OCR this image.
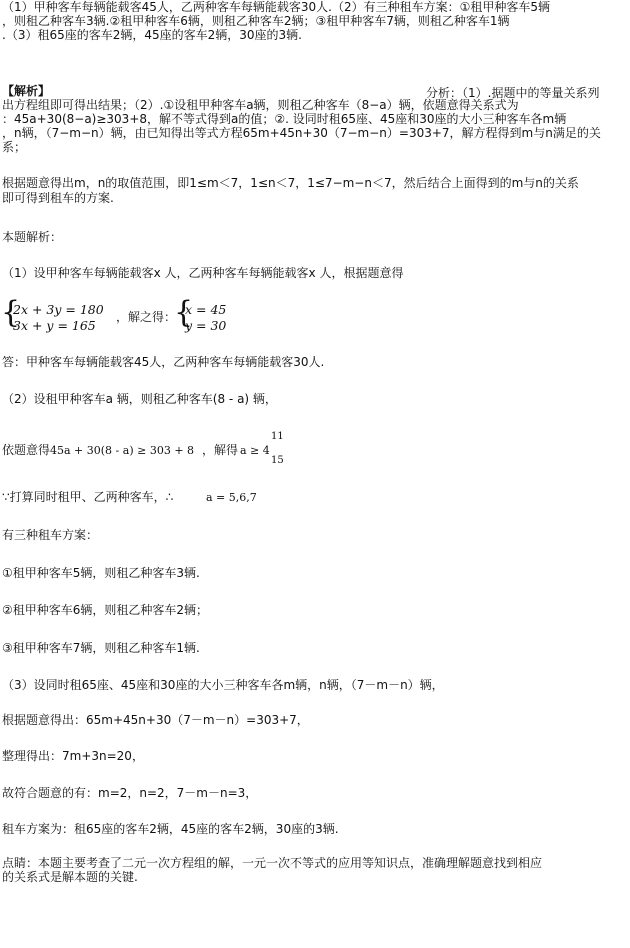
（1）甲种客车每辆能载客45人，乙两种客车每辆能载客30人.（2）有三种租车方案：①租甲种客车5辆
，则租乙种客车3辆.②租甲种客车6辆，则租乙种客车2辆；③租甲种客车7辆，则租乙种客车1辆
.（3）租65座的客车2辆，45座的客车2辆，30座的3辆.
【解析】	分析：（1）.据题中的等量关系列
出方程组即可得出结果；（2）.①设租甲种客车a辆，则租乙种客车（8−a）辆，依题意得关系式为
：45a+30(8−a)≥303+8，解不等式得到a的值；②. 设同时租65座、45座和30座的大小三种客车各m辆
，n辆，（7−m−n）辆，由已知得出等式方程65m+45n+30（7−m−n）=303+7，解方程得到m与n满足的关
系；
根据题意得出m，n的取值范围，即1≤m＜7，1≤n＜7，1≤7−m−n＜7，然后结合上面得到的m与n的关系
即可得到租车的方案.
本题解析：
（1）设甲种客车每辆能载客x 人，乙两种客车每辆能载客x 人，根据题意得
{
2x + 3y = 180
3x + y = 165
，解之得：
{
x = 45
y = 30
答：甲种客车每辆能载客45人，乙两种客车每辆能载客30人.
（2）设租甲种客车a 辆，则租乙种客车(8 - a) 辆，
依题意得 45a + 30(8 - a) ≥ 303 + 8 ，解得 a ≥ 4
11
15
∵打算同时租甲、乙两种客车，∴	a = 5,6,7
有三种租车方案：
①租甲种客车5辆，则租乙种客车3辆.
②租甲种客车6辆，则租乙种客车2辆；
③租甲种客车7辆，则租乙种客车1辆.
（3）设同时租65座、45座和30座的大小三种客车各m辆，n辆，（7－m－n）辆，
根据题意得出：65m+45n+30（7－m－n）=303+7，
整理得出：7m+3n=20，
故符合题意的有：m=2，n=2，7－m－n=3，
租车方案为：租65座的客车2辆，45座的客车2辆，30座的3辆.
点睛：本题主要考查了二元一次方程组的解，一元一次不等式的应用等知识点，准确理解题意找到相应
的关系式是解本题的关键.
